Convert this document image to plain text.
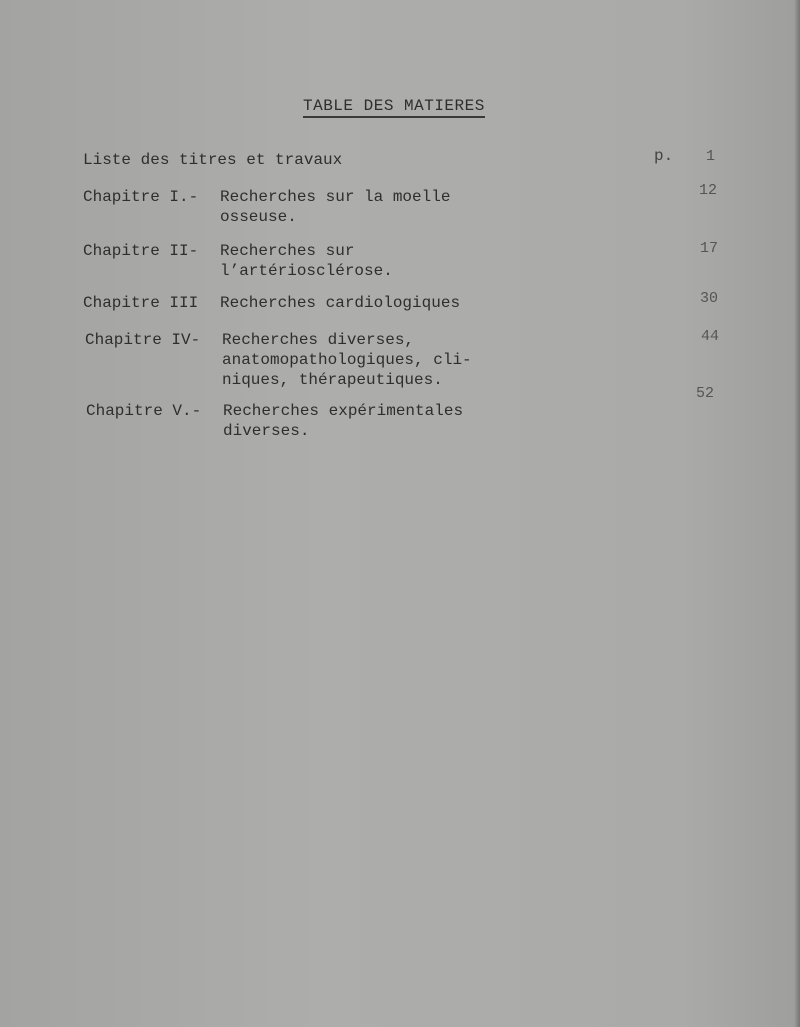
TABLE DES MATIERES
p.

Liste des titres et travaux

	1

Chapitre I.-

Recherches sur la moelle
osseuse.

12

Chapitre II-

Recherches sur
l’artériosclérose.

17

Chapitre III

Recherches cardiologiques

	30

Chapitre IV-

Recherches diverses,
anatomopathologiques, cli-
niques, thérapeutiques.

44

Chapitre V.-

Recherches expérimentales
diverses.

52
